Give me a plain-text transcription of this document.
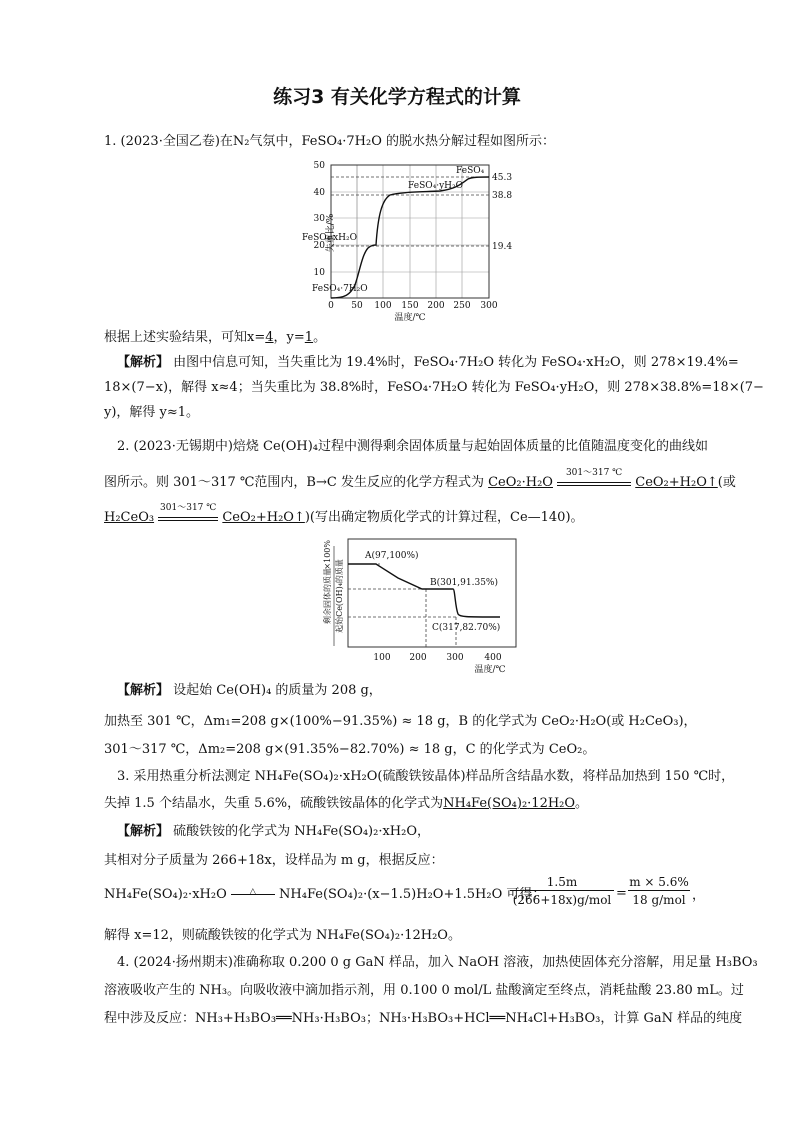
练习3 有关化学方程式的计算
1. (2023·全国乙卷)在N₂气氛中，FeSO₄·7H₂O 的脱水热分解过程如图所示：
50
40
30
20
10
0 50 100 150 200 250 300
温度/℃
45.3
38.8
19.4
FeSO₄
FeSO₄·yH₂O
FeSO₄·xH₂O
FeSO₄·7H₂O
失重比/%
根据上述实验结果，可知x=4，y=1。
【解析】 由图中信息可知，当失重比为 19.4%时，FeSO₄·7H₂O 转化为 FeSO₄·xH₂O，则 278×19.4%=
18×(7−x)，解得 x≈4；当失重比为 38.8%时，FeSO₄·7H₂O 转化为 FeSO₄·yH₂O，则 278×38.8%=18×(7−
y)，解得 y≈1。
2. (2023·无锡期中)焙烧 Ce(OH)₄过程中测得剩余固体质量与起始固体质量的比值随温度变化的曲线如
图所示。则 301～317 ℃范围内，B→C 发生反应的化学方程式为 CeO₂·H₂O
301～317 ℃
CeO₂+H₂O↑(或
H₂CeO₃
301～317 ℃
CeO₂+H₂O↑)(写出确定物质化学式的计算过程，Ce—140)。
A(97,100%)
B(301,91.35%)
C(317,82.70%)
100 200 300 400
温度/℃
剩余固体的质量 起始Ce(OH)₄的质量
×100%
【解析】 设起始 Ce(OH)₄ 的质量为 208 g，
加热至 301 ℃，Δm₁=208 g×(100%−91.35%) ≈ 18 g，B 的化学式为 CeO₂·H₂O(或 H₂CeO₃)，
301～317 ℃，Δm₂=208 g×(91.35%−82.70%) ≈ 18 g，C 的化学式为 CeO₂。
3. 采用热重分析法测定 NH₄Fe(SO₄)₂·xH₂O(硫酸铁铵晶体)样品所含结晶水数，将样品加热到 150 ℃时，
失掉 1.5 个结晶水，失重 5.6%，硫酸铁铵晶体的化学式为NH₄Fe(SO₄)₂·12H₂O。
【解析】 硫酸铁铵的化学式为 NH₄Fe(SO₄)₂·xH₂O，
其相对分子质量为 266+18x，设样品为 m g，根据反应：
NH₄Fe(SO₄)₂·xH₂O	△	NH₄Fe(SO₄)₂·(x−1.5)H₂O+1.5H₂O 可得：
1.5m
(266+18x)g/mol =
m × 5.6%
18 g/mol ，
解得 x=12，则硫酸铁铵的化学式为 NH₄Fe(SO₄)₂·12H₂O。
4. (2024·扬州期末)准确称取 0.200 0 g GaN 样品，加入 NaOH 溶液，加热使固体充分溶解，用足量 H₃BO₃
溶液吸收产生的 NH₃。向吸收液中滴加指示剂，用 0.100 0 mol/L 盐酸滴定至终点，消耗盐酸 23.80 mL。过
程中涉及反应：NH₃+H₃BO₃══NH₃·H₃BO₃；NH₃·H₃BO₃+HCl══NH₄Cl+H₃BO₃，计算 GaN 样品的纯度
